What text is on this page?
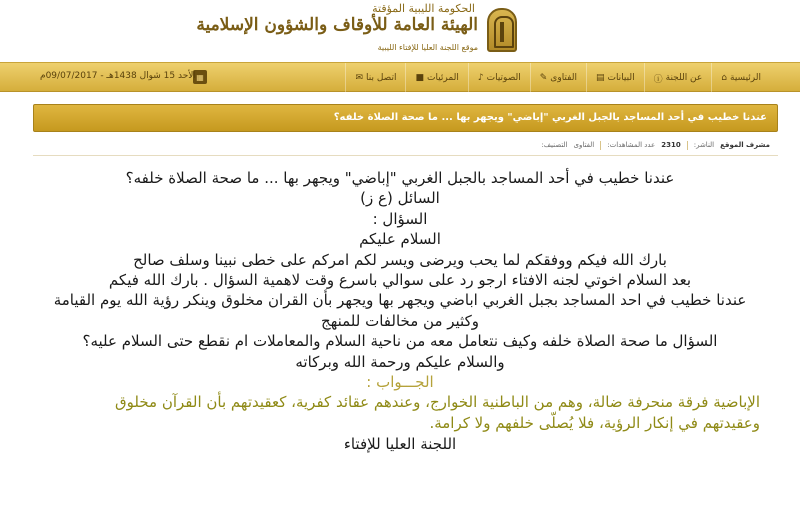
الحكومة الليبية المؤقتة
الهيئة العامة للأوقاف والشؤون الإسلامية
موقع اللجنة العليا للإفتاء الليبية
⌂ الرئيسية
ⓘ عن اللجنة
▤ البيانات
✎ الفتاوى
♪ الصوتيات
■ المرئيات
✉ اتصل بنا
▦
الأحد 15 شوال 1438هـ - 09/07/2017م
عندنا خطيب في أحد المساجد بالجبل الغربي "إباضي" ويجهر بها ... ما صحة الصلاة خلفه؟
التصنيف: الفتاوى عدد المشاهدات: 2310 الناشر: مشرف الموقع
عندنا خطيب في أحد المساجد بالجبل الغربي "إباضي" ويجهر بها ... ما صحة الصلاة خلفه؟
السائل (ع ز)
السؤال :
السلام عليكم
بارك الله فيكم ووفقكم لما يحب ويرضى ويسر لكم امركم على خطى نبينا وسلف صالح
بعد السلام اخوتي لجنه الافتاء ارجو رد على سوالي باسرع وقت لاهمية السؤال . بارك الله فيكم
عندنا خطيب في احد المساجد بجبل الغربي اباضي ويجهر بها ويجهر بأن القران مخلوق وينكر رؤية الله يوم القيامة
وكثير من مخالفات للمنهج
السؤال ما صحة الصلاة خلفه وكيف نتعامل معه من ناحية السلام والمعاملات ام نقطع حتى السلام عليه؟
والسلام عليكم ورحمة الله وبركاته
الجـــواب :
الإباضية فرقة منحرفة ضالة، وهم من الباطنية الخوارج، وعندهم عقائد كفرية، كعقيدتهم بأن القرآن مخلوق
وعقيدتهم في إنكار الرؤية، فلا يُصلّى خلفهم ولا كرامة.
اللجنة العليا للإفتاء
